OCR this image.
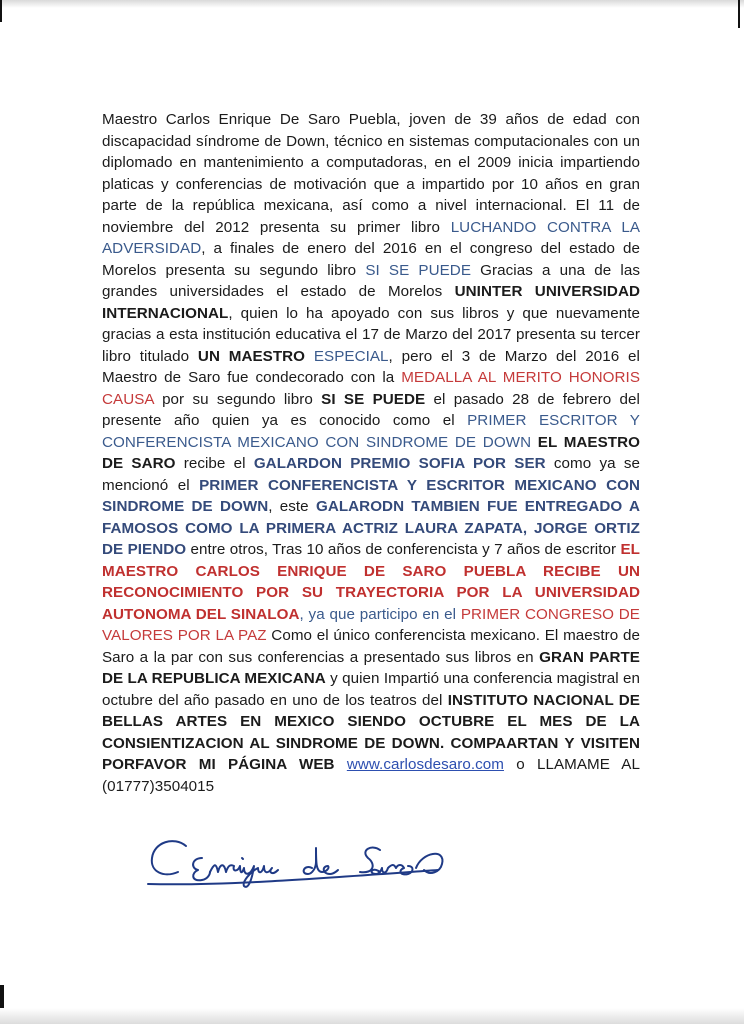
Maestro Carlos Enrique De Saro Puebla, joven de 39 años de edad con discapacidad síndrome de Down, técnico en sistemas computacionales con un diplomado en mantenimiento a computadoras, en el 2009 inicia impartiendo platicas y conferencias de motivación que a impartido por 10 años en gran parte de la república mexicana, así como a nivel internacional. El 11 de noviembre del 2012 presenta su primer libro LUCHANDO CONTRA LA ADVERSIDAD, a finales de enero del 2016 en el congreso del estado de Morelos presenta su segundo libro SI SE PUEDE Gracias a una de las grandes universidades el estado de Morelos UNINTER UNIVERSIDAD INTERNACIONAL, quien lo ha apoyado con sus libros y que nuevamente gracias a esta institución educativa el 17 de Marzo del 2017 presenta su tercer libro titulado UN MAESTRO ESPECIAL, pero el 3 de Marzo del 2016 el Maestro de Saro fue condecorado con la MEDALLA AL MERITO HONORIS CAUSA por su segundo libro SI SE PUEDE el pasado 28 de febrero del presente año quien ya es conocido como el PRIMER ESCRITOR Y CONFERENCISTA MEXICANO CON SINDROME DE DOWN EL MAESTRO DE SARO recibe el GALARDON PREMIO SOFIA POR SER como ya se mencionó el PRIMER CONFERENCISTA Y ESCRITOR MEXICANO CON SINDROME DE DOWN, este GALARODN TAMBIEN FUE ENTREGADO A FAMOSOS COMO LA PRIMERA ACTRIZ LAURA ZAPATA, JORGE ORTIZ DE PIENDO entre otros, Tras 10 años de conferencista y 7 años de escritor EL MAESTRO CARLOS ENRIQUE DE SARO PUEBLA RECIBE UN RECONOCIMIENTO POR SU TRAYECTORIA POR LA UNIVERSIDAD AUTONOMA DEL SINALOA, ya que participo en el PRIMER CONGRESO DE VALORES POR LA PAZ Como el único conferencista mexicano. El maestro de Saro a la par con sus conferencias a presentado sus libros en GRAN PARTE DE LA REPUBLICA MEXICANA y quien Impartió una conferencia magistral en octubre del año pasado en uno de los teatros del INSTITUTO NACIONAL DE BELLAS ARTES EN MEXICO SIENDO OCTUBRE EL MES DE LA CONSIENTIZACION AL SINDROME DE DOWN. COMPAARTAN Y VISITEN PORFAVOR MI PÁGINA WEB www.carlosdesaro.com o LLAMAME AL (01777)3504015
C. Enrique de Saro
